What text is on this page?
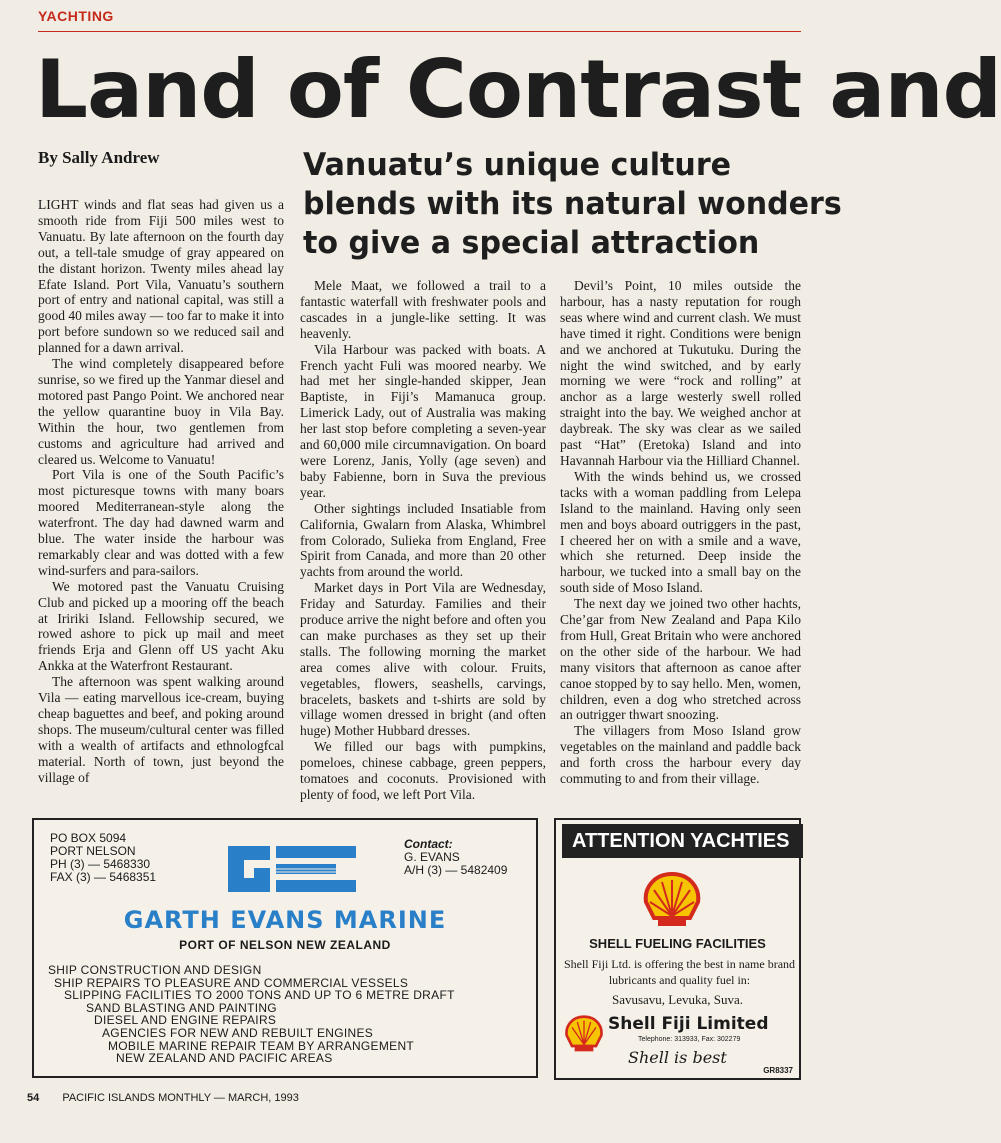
YACHTING
Land of Contrast and
By Sally Andrew	Vanuatu’s unique culture
blends with its natural wonders
to give a special attraction

LIGHT winds and flat seas had given us a smooth ride from Fiji 500 miles west to Vanuatu. By late afternoon on the fourth day out, a tell-tale smudge of gray appeared on the distant horizon. Twenty miles ahead lay Efate Island. Port Vila, Vanuatu’s southern port of entry and national capital, was still a good 40 miles away — too far to make it into port before sundown so we reduced sail and planned for a dawn arrival.

The wind completely disappeared before sunrise, so we fired up the Yanmar diesel and motored past Pango Point. We anchored near the yellow quarantine buoy in Vila Bay. Within the hour, two gentlemen from customs and agriculture had arrived and cleared us. Welcome to Vanuatu!

Port Vila is one of the South Pacific’s most picturesque towns with many boars moored Mediterranean-style along the waterfront. The day had dawned warm and blue. The water inside the harbour was remarkably clear and was dotted with a few wind-surfers and para-sailors.

We motored past the Vanuatu Cruising Club and picked up a mooring off the beach at Iririki Island. Fellowship secured, we rowed ashore to pick up mail and meet friends Erja and Glenn off US yacht Aku Ankka at the Waterfront Restaurant.

The afternoon was spent walking around Vila — eating marvellous ice-cream, buying cheap baguettes and beef, and poking around shops. The museum/cultural center was filled with a wealth of artifacts and ethnologfcal material. North of town, just beyond the village of

Mele Maat, we followed a trail to a fantastic waterfall with freshwater pools and cascades in a jungle-like setting. It was heavenly.

Vila Harbour was packed with boats. A French yacht Fuli was moored nearby. We had met her single-handed skipper, Jean Baptiste, in Fiji’s Mamanuca group. Limerick Lady, out of Australia was making her last stop before completing a seven-year and 60,000 mile circumnavigation. On board were Lorenz, Janis, Yolly (age seven) and baby Fabienne, born in Suva the previous year.

Other sightings included Insatiable from California, Gwalarn from Alaska, Whimbrel from Colorado, Sulieka from England, Free Spirit from Canada, and more than 20 other yachts from around the world.

Market days in Port Vila are Wednesday, Friday and Saturday. Families and their produce arrive the night before and often you can make purchases as they set up their stalls. The following morning the market area comes alive with colour. Fruits, vegetables, flowers, seashells, carvings, bracelets, baskets and t-shirts are sold by village women dressed in bright (and often huge) Mother Hubbard dresses.

We filled our bags with pumpkins, pomeloes, chinese cabbage, green peppers, tomatoes and coconuts. Provisioned with plenty of food, we left Port Vila.

Devil’s Point, 10 miles outside the harbour, has a nasty reputation for rough seas where wind and current clash. We must have timed it right. Conditions were benign and we anchored at Tukutuku. During the night the wind switched, and by early morning we were “rock and rolling” at anchor as a large westerly swell rolled straight into the bay. We weighed anchor at daybreak. The sky was clear as we sailed past “Hat” (Eretoka) Island and into Havannah Harbour via the Hilliard Channel.

With the winds behind us, we crossed tacks with a woman paddling from Lelepa Island to the mainland. Having only seen men and boys aboard outriggers in the past, I cheered her on with a smile and a wave, which she returned. Deep inside the harbour, we tucked into a small bay on the south side of Moso Island.

The next day we joined two other hachts, Che’gar from New Zealand and Papa Kilo from Hull, Great Britain who were anchored on the other side of the harbour. We had many visitors that afternoon as canoe after canoe stopped by to say hello. Men, women, children, even a dog who stretched across an outrigger thwart snoozing.

The villagers from Moso Island grow vegetables on the mainland and paddle back and forth cross the harbour every day commuting to and from their village.

PO BOX 5094
PORT NELSON
PH (3) — 5468330
FAX (3) — 5468351
Contact:
G. EVANS
A/H (3) — 5482409
GARTH EVANS MARINE
PORT OF NELSON NEW ZEALAND
SHIP CONSTRUCTION AND DESIGN
SHIP REPAIRS TO PLEASURE AND COMMERCIAL VESSELS
SLIPPING FACILITIES TO 2000 TONS AND UP TO 6 METRE DRAFT
SAND BLASTING AND PAINTING
DIESEL AND ENGINE REPAIRS
AGENCIES FOR NEW AND REBUILT ENGINES
MOBILE MARINE REPAIR TEAM BY ARRANGEMENT
NEW ZEALAND AND PACIFIC AREAS
ATTENTION YACHTIES
SHELL FUELING FACILITIES
Shell Fiji Ltd. is offering the best in name brand lubricants and quality fuel in:
Savusavu, Levuka, Suva.
Shell Fiji Limited
Telephone: 313933, Fax: 302279
Shell is best
GR8337
54 PACIFIC ISLANDS MONTHLY — MARCH, 1993
